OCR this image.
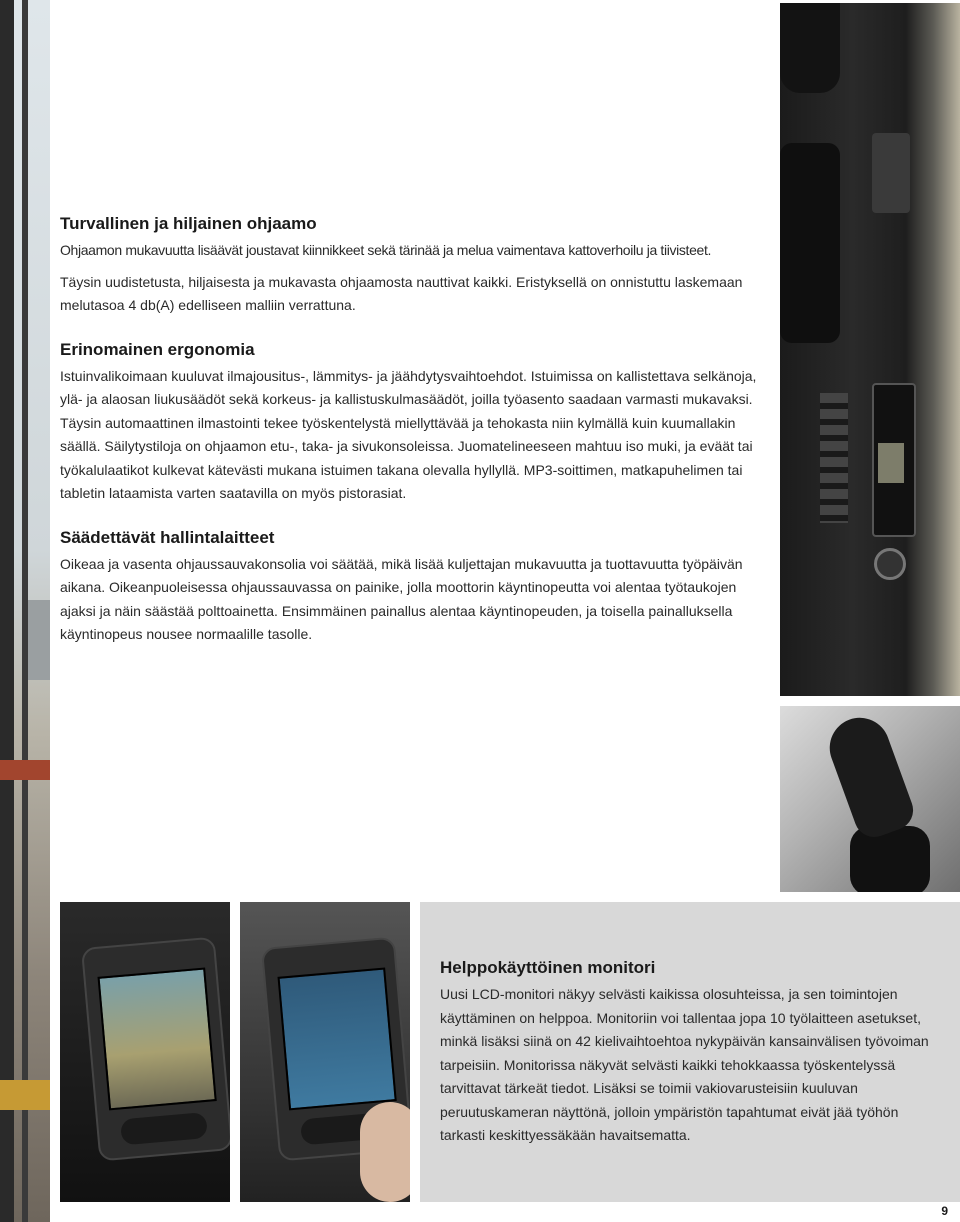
Turvallinen ja hiljainen ohjaamo

Ohjaamon mukavuutta lisäävät joustavat kiinnikkeet sekä tärinää ja melua vaimentava kattoverhoilu ja tiivisteet.

Täysin uudistetusta, hiljaisesta ja mukavasta ohjaamosta nauttivat kaikki. Eristyksellä on onnistuttu laskemaan melutasoa 4 db(A) edelliseen malliin verrattuna.

Erinomainen ergonomia

Istuinvalikoimaan kuuluvat ilmajousitus-, lämmitys- ja jäähdytysvaihtoehdot. Istuimissa on kallistettava selkänoja, ylä- ja alaosan liukusäädöt sekä korkeus- ja kallistuskulmasäädöt, joilla työasento saadaan varmasti mukavaksi. Täysin automaattinen ilmastointi tekee työskentelystä miellyttävää ja tehokasta niin kylmällä kuin kuumallakin säällä. Säilytystiloja on ohjaamon etu-, taka- ja sivukonsoleissa. Juomatelineeseen mahtuu iso muki, ja eväät tai työkalulaatikot kulkevat kätevästi mukana istuimen takana olevalla hyllyllä. MP3-soittimen, matkapuhelimen tai tabletin lataamista varten saatavilla on myös pistorasiat.

Säädettävät hallintalaitteet

Oikeaa ja vasenta ohjaussauvakonsolia voi säätää, mikä lisää kuljettajan mukavuutta ja tuottavuutta työpäivän aikana. Oikeanpuoleisessa ohjaussauvassa on painike, jolla moottorin käyntinopeutta voi alentaa työtaukojen ajaksi ja näin säästää polttoainetta. Ensimmäinen painallus alentaa käyntinopeuden, ja toisella painalluksella käyntinopeus nousee normaalille tasolle.

Helppokäyttöinen monitori

Uusi LCD-monitori näkyy selvästi kaikissa olosuhteissa, ja sen toimintojen käyttäminen on helppoa. Monitoriin voi tallentaa jopa 10 työlaitteen asetukset, minkä lisäksi siinä on 42 kielivaihtoehtoa nykypäivän kansainvälisen työvoiman tarpeisiin. Monitorissa näkyvät selvästi kaikki tehokkaassa työskentelyssä tarvittavat tärkeät tiedot. Lisäksi se toimii vakiovarusteisiin kuuluvan peruutuskameran näyttönä, jolloin ympäristön tapahtumat eivät jää työhön tarkasti keskittyessäkään havaitsematta.

9
